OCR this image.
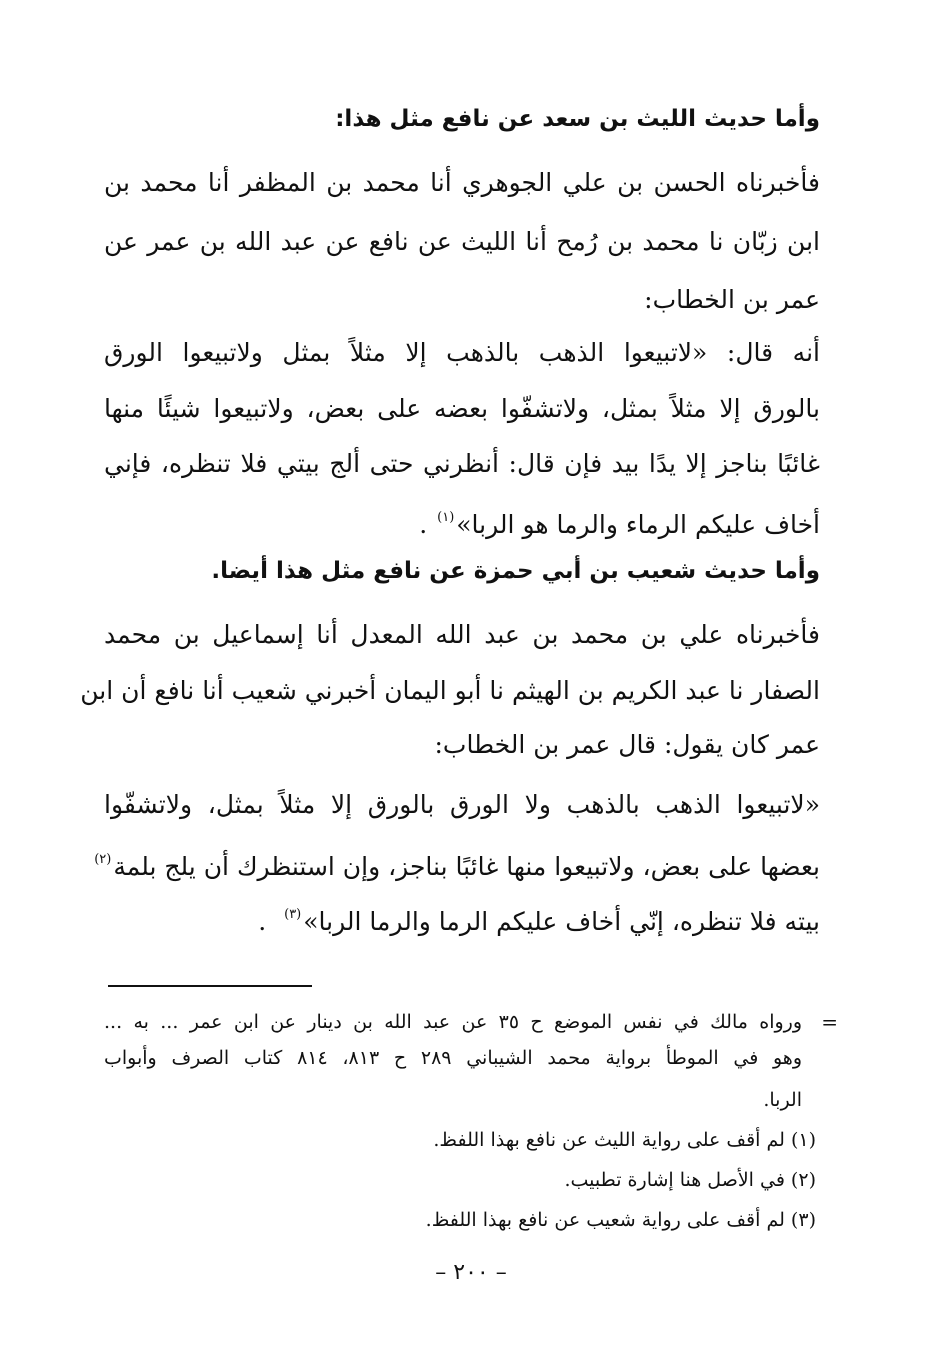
وأما حديث الليث بن سعد عن نافع مثل هذا:
فأخبرناه الحسن بن علي الجوهري أنا محمد بن المظفر أنا محمد بن
ابن زبّان نا محمد بن رُمح أنا الليث عن نافع عن عبد الله بن عمر عن
عمر بن الخطاب:
أنه قال: «لاتبيعوا الذهب بالذهب إلا مثلاً بمثل ولاتبيعوا الورق
بالورق إلا مثلاً بمثل، ولاتشفّوا بعضه على بعض، ولاتبيعوا شيئًا منها
غائبًا بناجز إلا يدًا بيد فإن قال: أنظرني حتى ألج بيتي فلا تنظره، فإني
أخاف عليكم الرماء والرما هو الربا»$^{(١)}$ .
وأما حديث شعيب بن أبي حمزة عن نافع مثل هذا أيضا.
فأخبرناه علي بن محمد بن عبد الله المعدل أنا إسماعيل بن محمد
الصفار نا عبد الكريم بن الهيثم نا أبو اليمان أخبرني شعيب أنا نافع أن ابن
عمر كان يقول: قال عمر بن الخطاب:
«لاتبيعوا الذهب بالذهب ولا الورق بالورق إلا مثلاً بمثل، ولاتشفّوا
بعضها على بعض، ولاتبيعوا منها غائبًا بناجز، وإن استنظرك أن يلج بلمة$^{(٢)}$
بيته فلا تنظره، إنّي أخاف عليكم الرما والرما الربا»$^{(٣)}$  .
=
ورواه مالك في نفس الموضع ح ٣٥ عن عبد الله بن دينار عن ابن عمر ... به ...
وهو في الموطأ برواية محمد الشيباني ٢٨٩ ح ٨١٣، ٨١٤ كتاب الصرف وأبواب
الربا.
(١) لم أقف على رواية الليث عن نافع بهذا اللفظ.
(٢) في الأصل هنا إشارة تطبيب.
(٣) لم أقف على رواية شعيب عن نافع بهذا اللفظ.
– ٢٠٠ –
